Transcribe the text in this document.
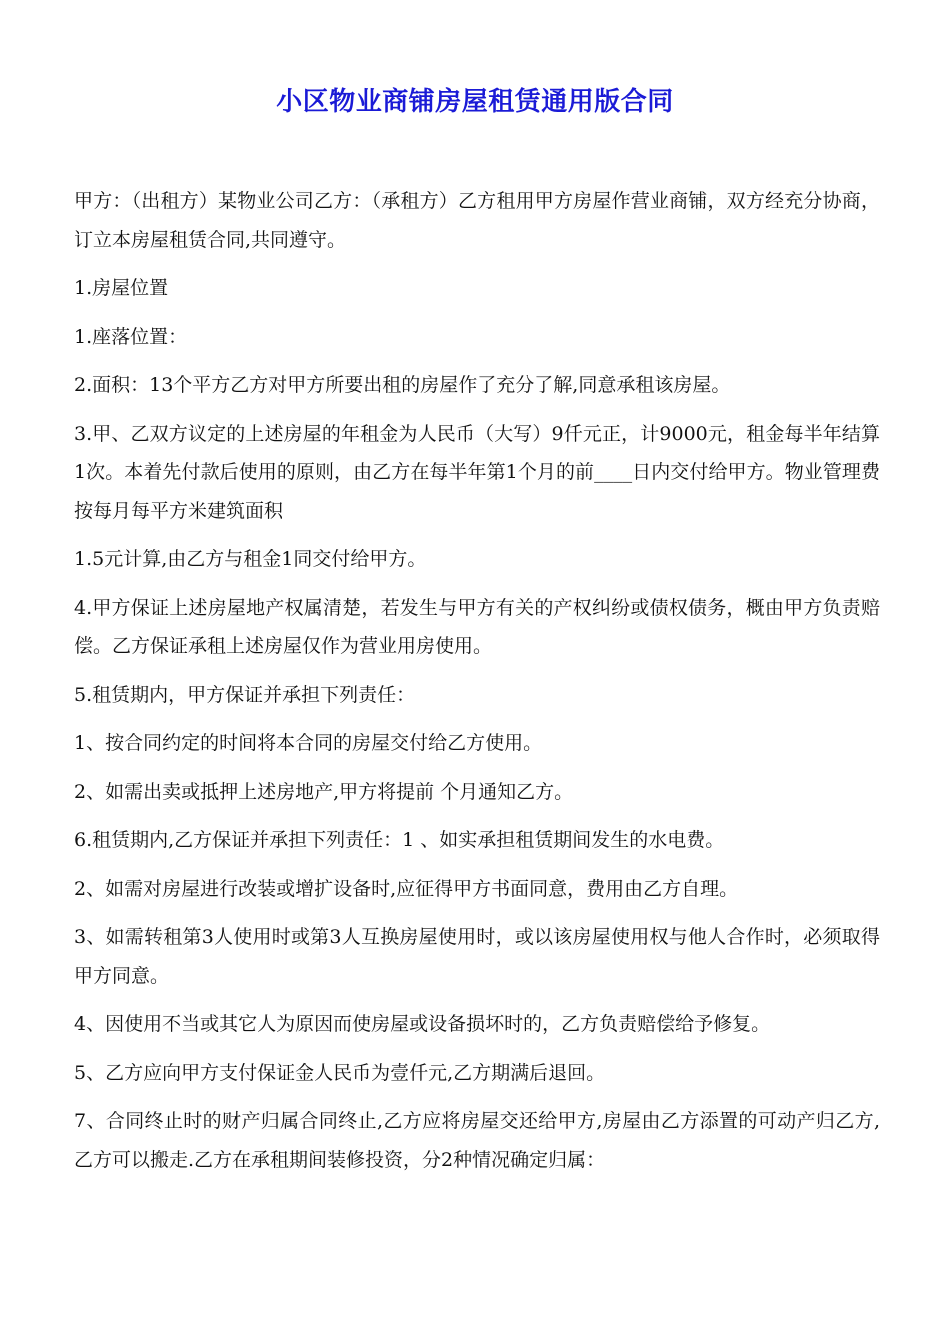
小区物业商铺房屋租赁通用版合同

甲方：（出租方）某物业公司乙方：（承租方）乙方租用甲方房屋作营业商铺，双方经充分协商，订立本房屋租赁合同,共同遵守。

1.房屋位置

1.座落位置：

2.面积：13个平方乙方对甲方所要出租的房屋作了充分了解,同意承租该房屋。

3.甲、乙双方议定的上述房屋的年租金为人民币（大写）9仟元正，计9000元，租金每半年结算1次。本着先付款后使用的原则，由乙方在每半年第1个月的前____日内交付给甲方。物业管理费按每月每平方米建筑面积

1.5元计算,由乙方与租金1同交付给甲方。

4.甲方保证上述房屋地产权属清楚，若发生与甲方有关的产权纠纷或债权债务，概由甲方负责赔偿。乙方保证承租上述房屋仅作为营业用房使用。

5.租赁期内，甲方保证并承担下列责任：

1、按合同约定的时间将本合同的房屋交付给乙方使用。

2、如需出卖或抵押上述房地产,甲方将提前 个月通知乙方。

6.租赁期内,乙方保证并承担下列责任：1 、如实承担租赁期间发生的水电费。

2、如需对房屋进行改装或增扩设备时,应征得甲方书面同意，费用由乙方自理。

3、如需转租第3人使用时或第3人互换房屋使用时，或以该房屋使用权与他人合作时，必须取得甲方同意。

4、因使用不当或其它人为原因而使房屋或设备损坏时的，乙方负责赔偿给予修复。

5、乙方应向甲方支付保证金人民币为壹仟元,乙方期满后退回。

7、合同终止时的财产归属合同终止,乙方应将房屋交还给甲方,房屋由乙方添置的可动产归乙方,乙方可以搬走.乙方在承租期间装修投资，分2种情况确定归属：
